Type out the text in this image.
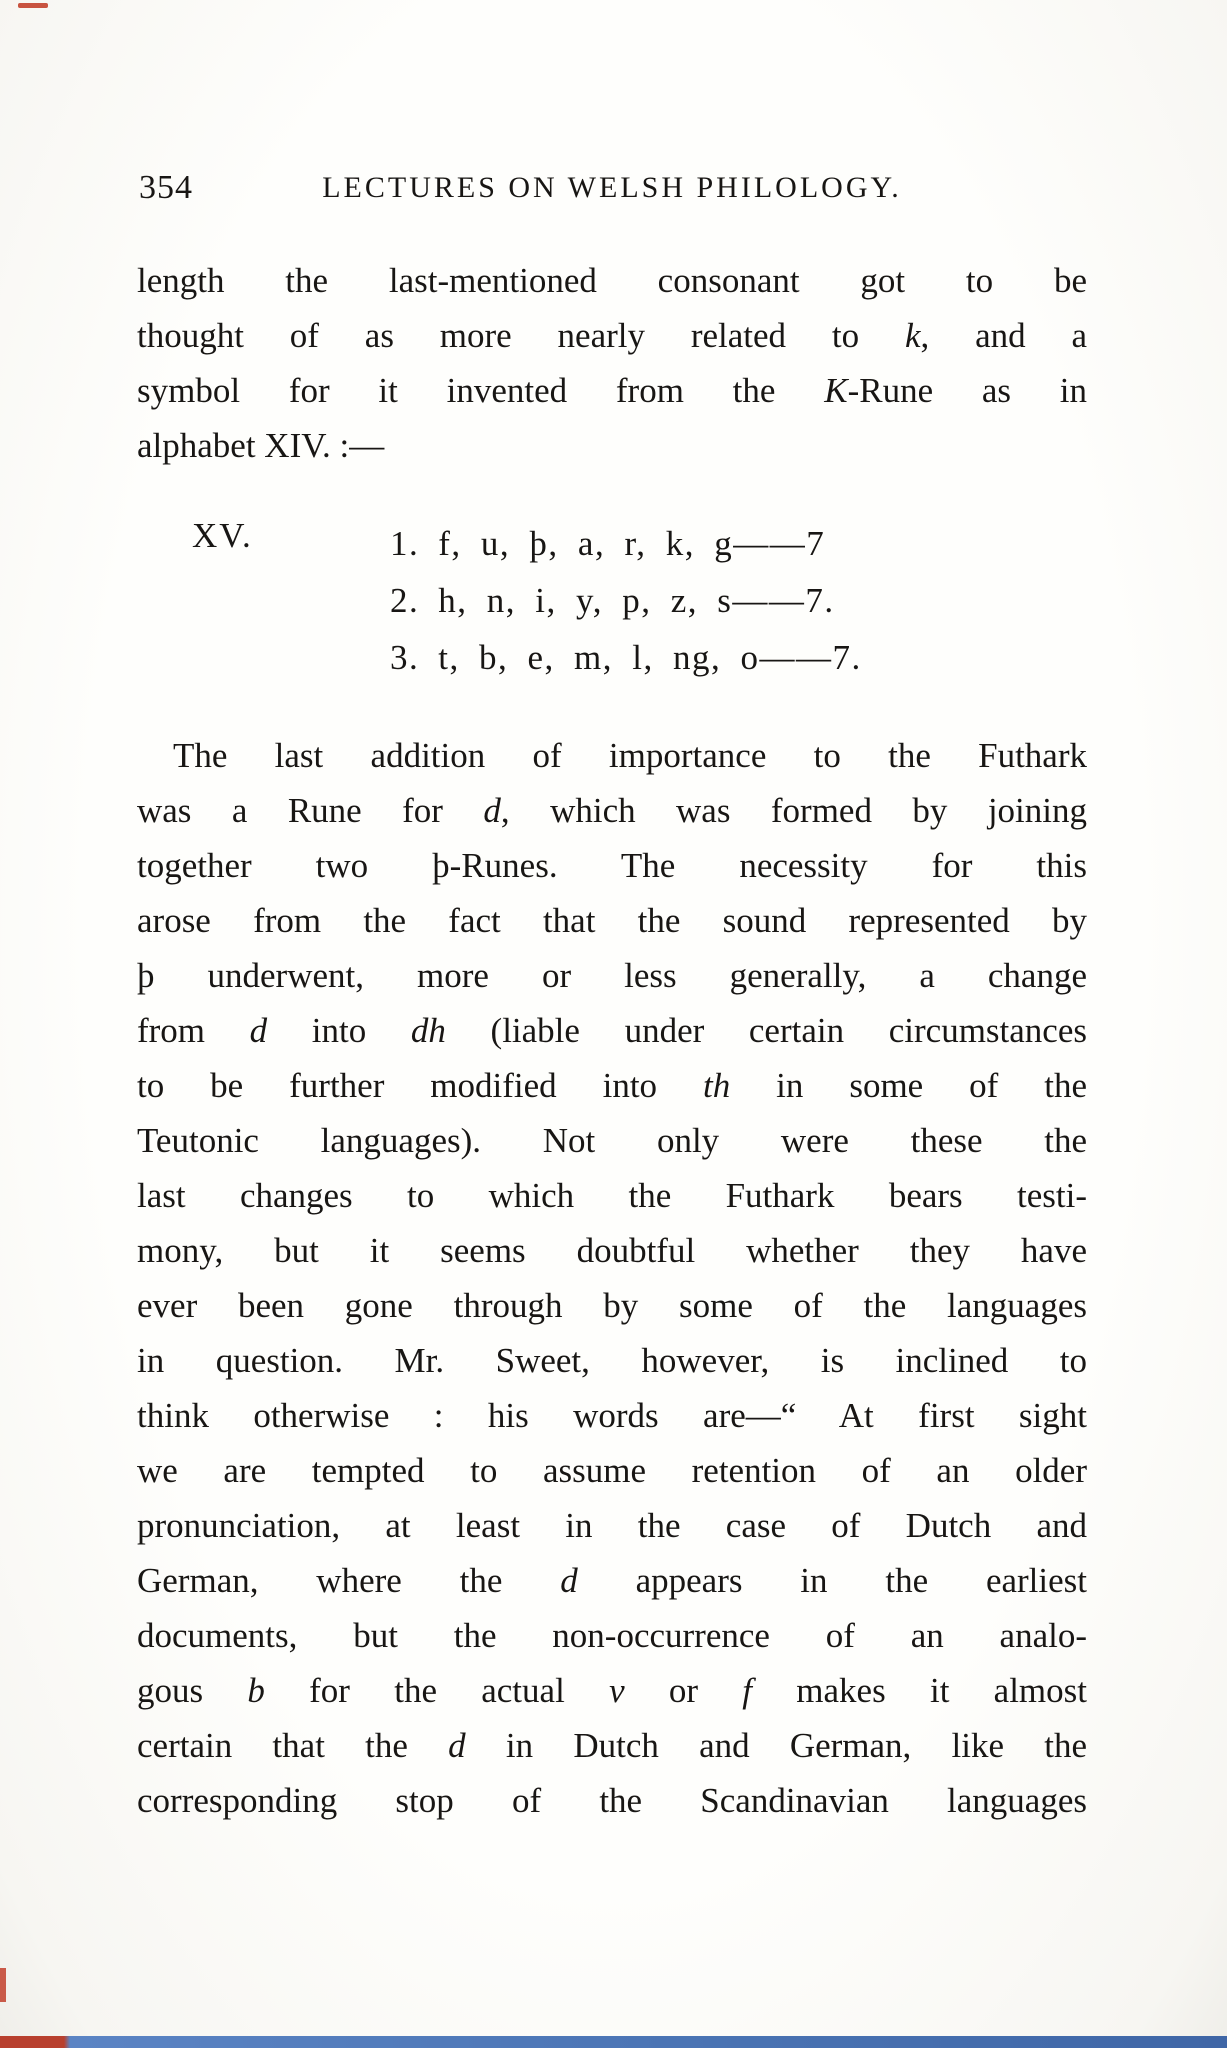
354	LECTURES ON WELSH PHILOLOGY.
length the last-mentioned consonant got to be
thought of as more nearly related to k, and a
symbol for it invented from the K-Rune as in
alphabet XIV. :—
XV.	1. f, u, þ, a, r, k, g——7
2. h, n, i, y, p, z, s——7.
3. t, b, e, m, l, ng, o——7.
The last addition of importance to the Futhark
was a Rune for d, which was formed by joining
together two þ-Runes. The necessity for this
arose from the fact that the sound represented by
þ underwent, more or less generally, a change
from d into dh (liable under certain circumstances
to be further modified into th in some of the
Teutonic languages). Not only were these the
last changes to which the Futhark bears testi-
mony, but it seems doubtful whether they have
ever been gone through by some of the languages
in question. Mr. Sweet, however, is inclined to
think otherwise : his words are—“ At first sight
we are tempted to assume retention of an older
pronunciation, at least in the case of Dutch and
German, where the d appears in the earliest
documents, but the non-occurrence of an analo-
gous b for the actual v or f makes it almost
certain that the d in Dutch and German, like the
corresponding stop of the Scandinavian languages
